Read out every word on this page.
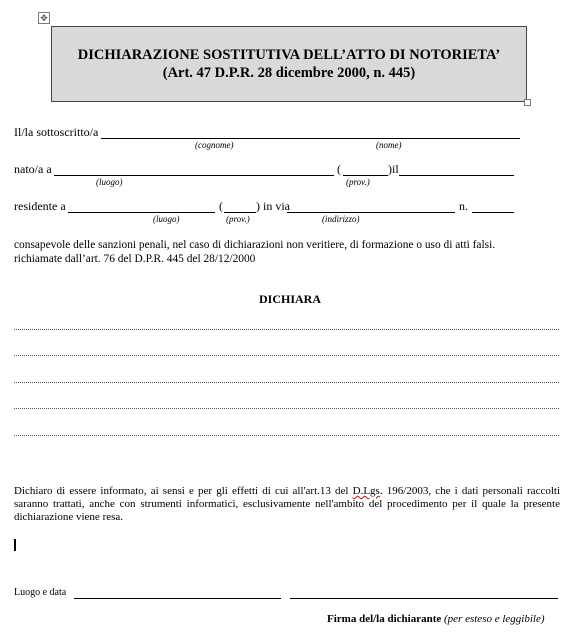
✥
DICHIARAZIONE SOSTITUTIVA DELL’ATTO DI NOTORIETA’
(Art. 47 D.P.R. 28 dicembre 2000, n. 445)
Il/la sottoscritto/a
(cognome)	(nome)
nato/a a	(	)il
(luogo)	(prov.)
residente a	(	) in via	n.
(luogo)	(prov.)	(indirizzo)
consapevole delle sanzioni penali, nel caso di dichiarazioni non veritiere, di formazione o uso di atti falsi.
richiamate dall’art. 76 del D.P.R. 445 del 28/12/2000
DICHIARA
Dichiaro di essere informato, ai sensi e per gli effetti di cui all'art.13 del D.Lgs. 196/2003, che i dati personali raccolti saranno trattati, anche con strumenti informatici, esclusivamente nell'ambito del procedimento per il quale la presente dichiarazione viene resa.
Luogo e data
Firma del/la dichiarante (per esteso e leggibile)
